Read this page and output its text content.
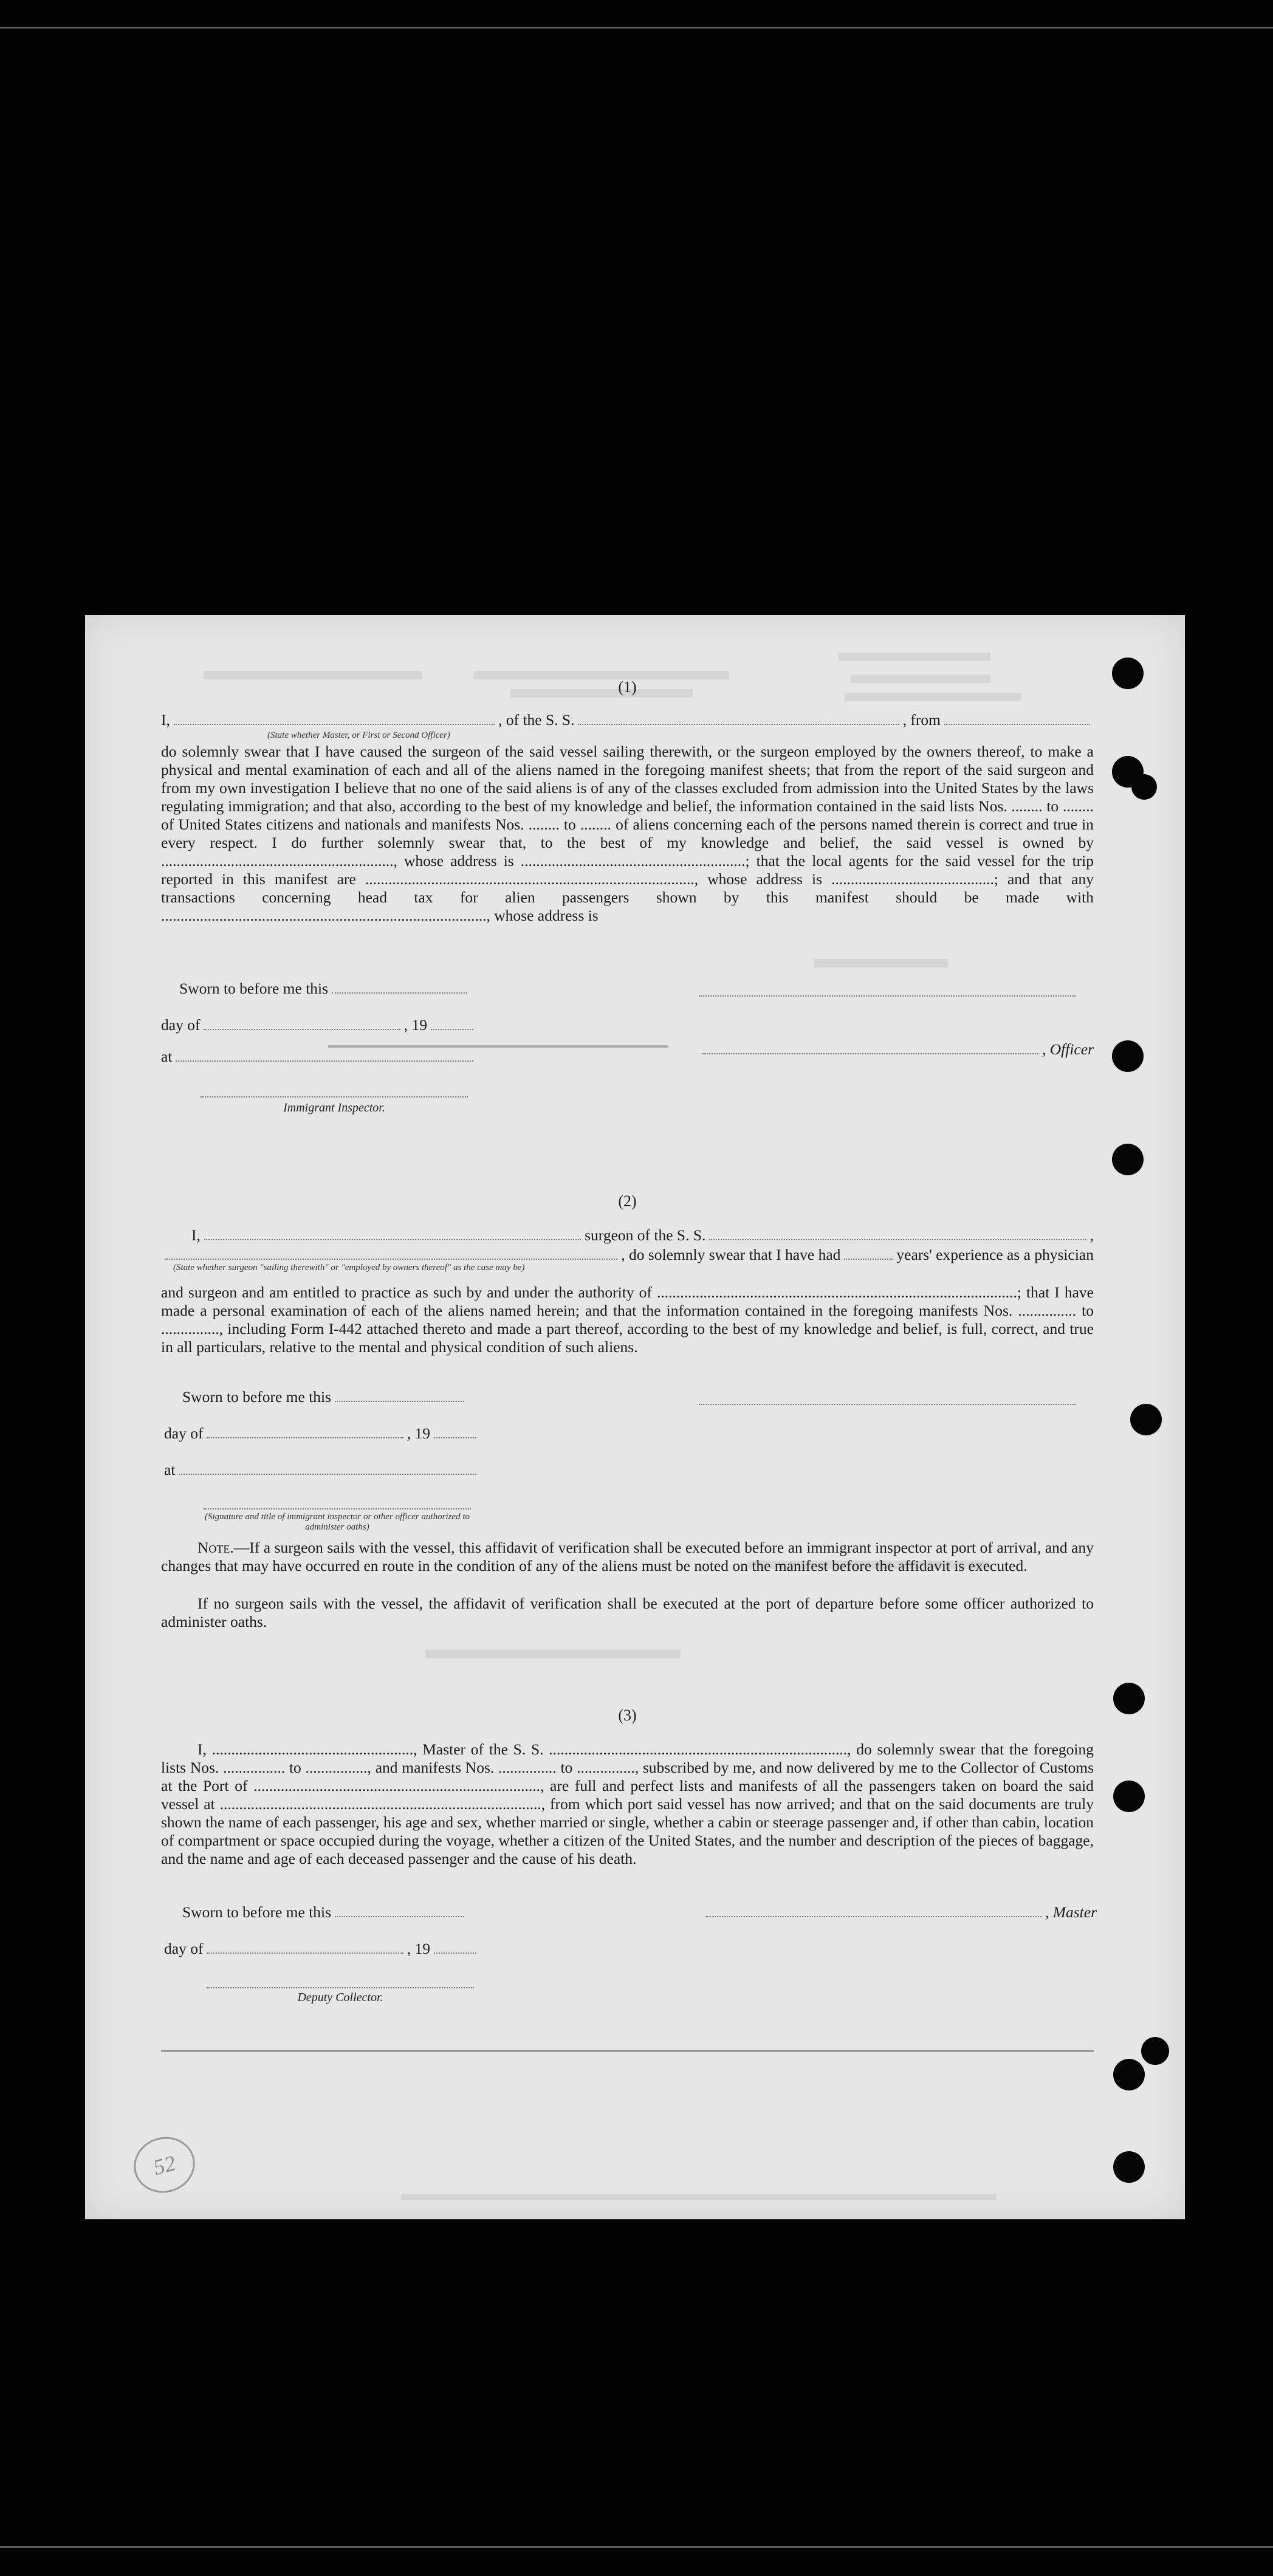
(1)
I,	, of the S. S.	, from
(State whether Master, or First or Second Officer)
do solemnly swear that I have caused the surgeon of the said vessel sailing therewith, or the surgeon employed by the owners thereof, to make a physical and mental examination of each and all of the aliens named in the foregoing manifest sheets; that from the report of the said surgeon and from my own investigation I believe that no one of the said aliens is of any of the classes excluded from admission into the United States by the laws regulating immigration; and that also, according to the best of my knowledge and belief, the information contained in the said lists Nos. ........ to ........ of United States citizens and nationals and manifests Nos. ........ to ........ of aliens concerning each of the persons named therein is correct and true in every respect. I do further solemnly swear that, to the best of my knowledge and belief, the said vessel is owned by ............................................................, whose address is ..........................................................; that the local agents for the said vessel for the trip reported in this manifest are ....................................................................................., whose address is ..........................................; and that any transactions concerning head tax for alien passengers shown by this manifest should be made with ...................................................................................., whose address is
Sworn to before me this
day of	, 19
, Officer
at
Immigrant Inspector.
(2)
I,	surgeon of the S. S.	,
, do solemnly swear that I have had	years' experience as a physician
(State whether surgeon "sailing therewith" or "employed by owners thereof" as the case may be)
and surgeon and am entitled to practice as such by and under the authority of .............................................................................................; that I have made a personal examination of each of the aliens named herein; and that the information contained in the foregoing manifests Nos. ............... to ..............., including Form I-442 attached thereto and made a part thereof, according to the best of my knowledge and belief, is full, correct, and true in all particulars, relative to the mental and physical condition of such aliens.
Sworn to before me this
day of	, 19
at
(Signature and title of immigrant inspector or other officer authorized to administer oaths)
Note.—If a surgeon sails with the vessel, this affidavit of verification shall be executed before an immigrant inspector at port of arrival, and any changes that may have occurred en route in the condition of any of the aliens must be noted on the manifest before the affidavit is executed.
If no surgeon sails with the vessel, the affidavit of verification shall be executed at the port of departure before some officer authorized to administer oaths.
(3)
I, ...................................................., Master of the S. S. ............................................................................., do solemnly swear that the foregoing lists Nos. ................ to ................, and manifests Nos. ............... to ..............., subscribed by me, and now delivered by me to the Collector of Customs at the Port of .........................................................................., are full and perfect lists and manifests of all the passengers taken on board the said vessel at ..................................................................................., from which port said vessel has now arrived; and that on the said documents are truly shown the name of each passenger, his age and sex, whether married or single, whether a cabin or steerage passenger and, if other than cabin, location of compartment or space occupied during the voyage, whether a citizen of the United States, and the number and description of the pieces of baggage, and the name and age of each deceased passenger and the cause of his death.
Sworn to before me this	, Master
day of	, 19
Deputy Collector.
52
